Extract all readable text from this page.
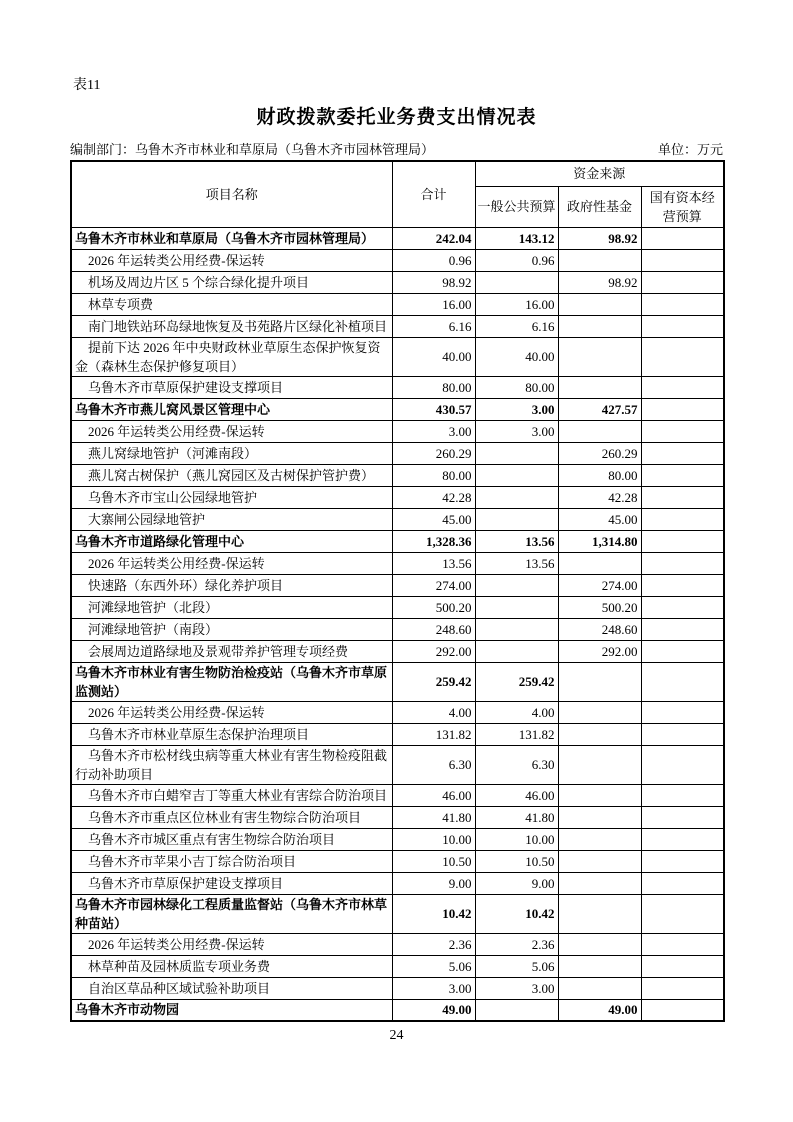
表11
财政拨款委托业务费支出情况表
编制部门：乌鲁木齐市林业和草原局（乌鲁木齐市园林管理局）	单位：万元
项目名称	合计	资金来源		
		一般公共预算	政府性基金	国有资本经营预算
乌鲁木齐市林业和草原局（乌鲁木齐市园林管理局）	242.04	143.12	98.92	
2026 年运转类公用经费-保运转	0.96	0.96		
机场及周边片区 5 个综合绿化提升项目	98.92		98.92	
林草专项费	16.00	16.00		
南门地铁站环岛绿地恢复及书苑路片区绿化补植项目	6.16	6.16		
提前下达 2026 年中央财政林业草原生态保护恢复资金（森林生态保护修复项目）	40.00	40.00		
乌鲁木齐市草原保护建设支撑项目	80.00	80.00		
乌鲁木齐市燕儿窝风景区管理中心	430.57	3.00	427.57	
2026 年运转类公用经费-保运转	3.00	3.00		
燕儿窝绿地管护（河滩南段）	260.29		260.29	
燕儿窝古树保护（燕儿窝园区及古树保护管护费）	80.00		80.00	
乌鲁木齐市宝山公园绿地管护	42.28		42.28	
大寨闸公园绿地管护	45.00		45.00	
乌鲁木齐市道路绿化管理中心	1,328.36	13.56	1,314.80	
2026 年运转类公用经费-保运转	13.56	13.56		
快速路（东西外环）绿化养护项目	274.00		274.00	
河滩绿地管护（北段）	500.20		500.20	
河滩绿地管护（南段）	248.60		248.60	
会展周边道路绿地及景观带养护管理专项经费	292.00		292.00	
乌鲁木齐市林业有害生物防治检疫站（乌鲁木齐市草原监测站）	259.42	259.42		
2026 年运转类公用经费-保运转	4.00	4.00		
乌鲁木齐市林业草原生态保护治理项目	131.82	131.82		
乌鲁木齐市松材线虫病等重大林业有害生物检疫阻截行动补助项目	6.30	6.30		
乌鲁木齐市白蜡窄吉丁等重大林业有害综合防治项目	46.00	46.00		
乌鲁木齐市重点区位林业有害生物综合防治项目	41.80	41.80		
乌鲁木齐市城区重点有害生物综合防治项目	10.00	10.00		
乌鲁木齐市苹果小吉丁综合防治项目	10.50	10.50		
乌鲁木齐市草原保护建设支撑项目	9.00	9.00		
乌鲁木齐市园林绿化工程质量监督站（乌鲁木齐市林草种苗站）	10.42	10.42		
2026 年运转类公用经费-保运转	2.36	2.36		
林草种苗及园林质监专项业务费	5.06	5.06		
自治区草品种区域试验补助项目	3.00	3.00		
乌鲁木齐市动物园	49.00		49.00	
24
